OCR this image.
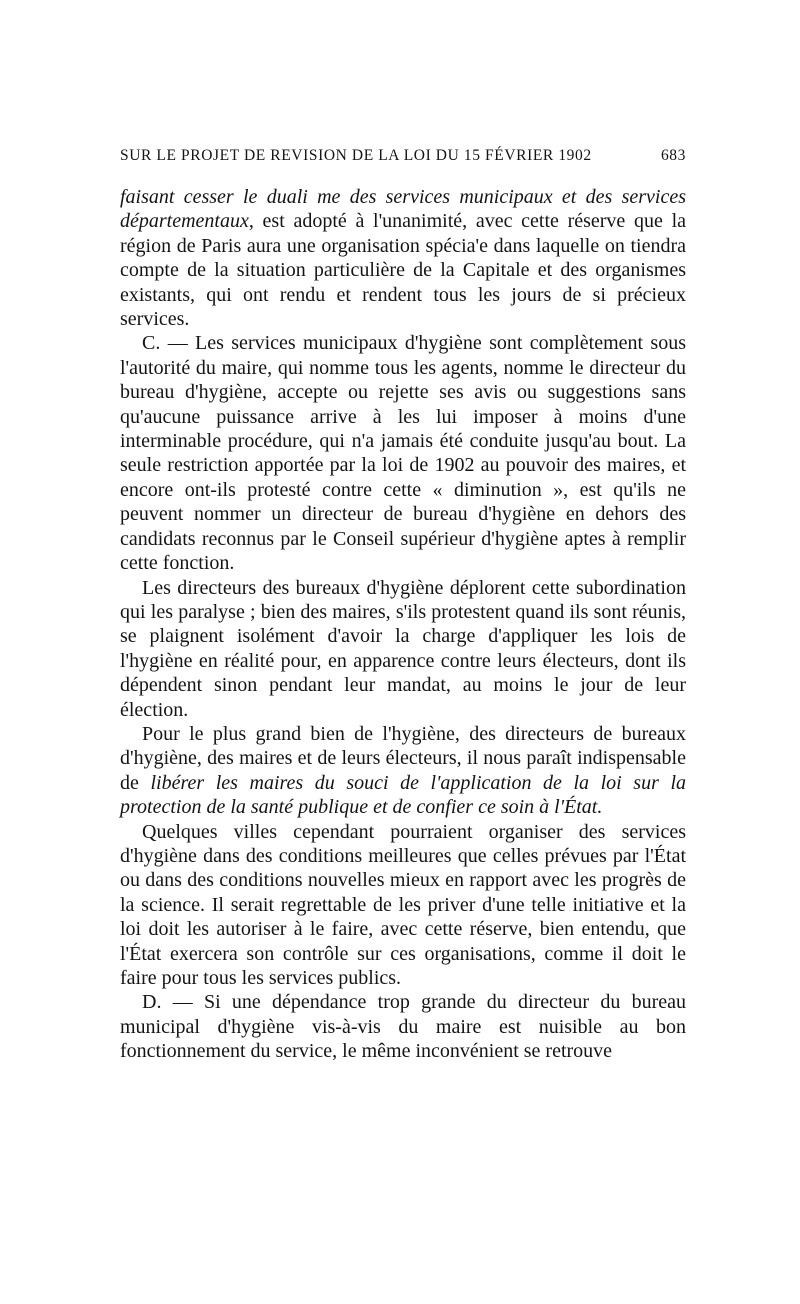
SUR LE PROJET DE REVISION DE LA LOI DU 15 FÉVRIER 1902	683

faisant cesser le duali me des services municipaux et des services départementaux, est adopté à l'unanimité, avec cette réserve que la région de Paris aura une organisation spécia'e dans laquelle on tiendra compte de la situation particulière de la Capitale et des organismes existants, qui ont rendu et rendent tous les jours de si précieux services.

C. — Les services municipaux d'hygiène sont complètement sous l'autorité du maire, qui nomme tous les agents, nomme le directeur du bureau d'hygiène, accepte ou rejette ses avis ou suggestions sans qu'aucune puissance arrive à les lui imposer à moins d'une interminable procédure, qui n'a jamais été conduite jusqu'au bout. La seule restriction apportée par la loi de 1902 au pouvoir des maires, et encore ont-ils protesté contre cette « diminution », est qu'ils ne peuvent nommer un directeur de bureau d'hygiène en dehors des candidats reconnus par le Conseil supérieur d'hygiène aptes à remplir cette fonction.

Les directeurs des bureaux d'hygiène déplorent cette subordination qui les paralyse ; bien des maires, s'ils protestent quand ils sont réunis, se plaignent isolément d'avoir la charge d'appliquer les lois de l'hygiène en réalité pour, en apparence contre leurs électeurs, dont ils dépendent sinon pendant leur mandat, au moins le jour de leur élection.

Pour le plus grand bien de l'hygiène, des directeurs de bureaux d'hygiène, des maires et de leurs électeurs, il nous paraît indispensable de libérer les maires du souci de l'application de la loi sur la protection de la santé publique et de confier ce soin à l'État.

Quelques villes cependant pourraient organiser des services d'hygiène dans des conditions meilleures que celles prévues par l'État ou dans des conditions nouvelles mieux en rapport avec les progrès de la science. Il serait regrettable de les priver d'une telle initiative et la loi doit les autoriser à le faire, avec cette réserve, bien entendu, que l'État exercera son contrôle sur ces organisations, comme il doit le faire pour tous les services publics.

D. — Si une dépendance trop grande du directeur du bureau municipal d'hygiène vis-à-vis du maire est nuisible au bon fonctionnement du service, le même inconvénient se retrouve
